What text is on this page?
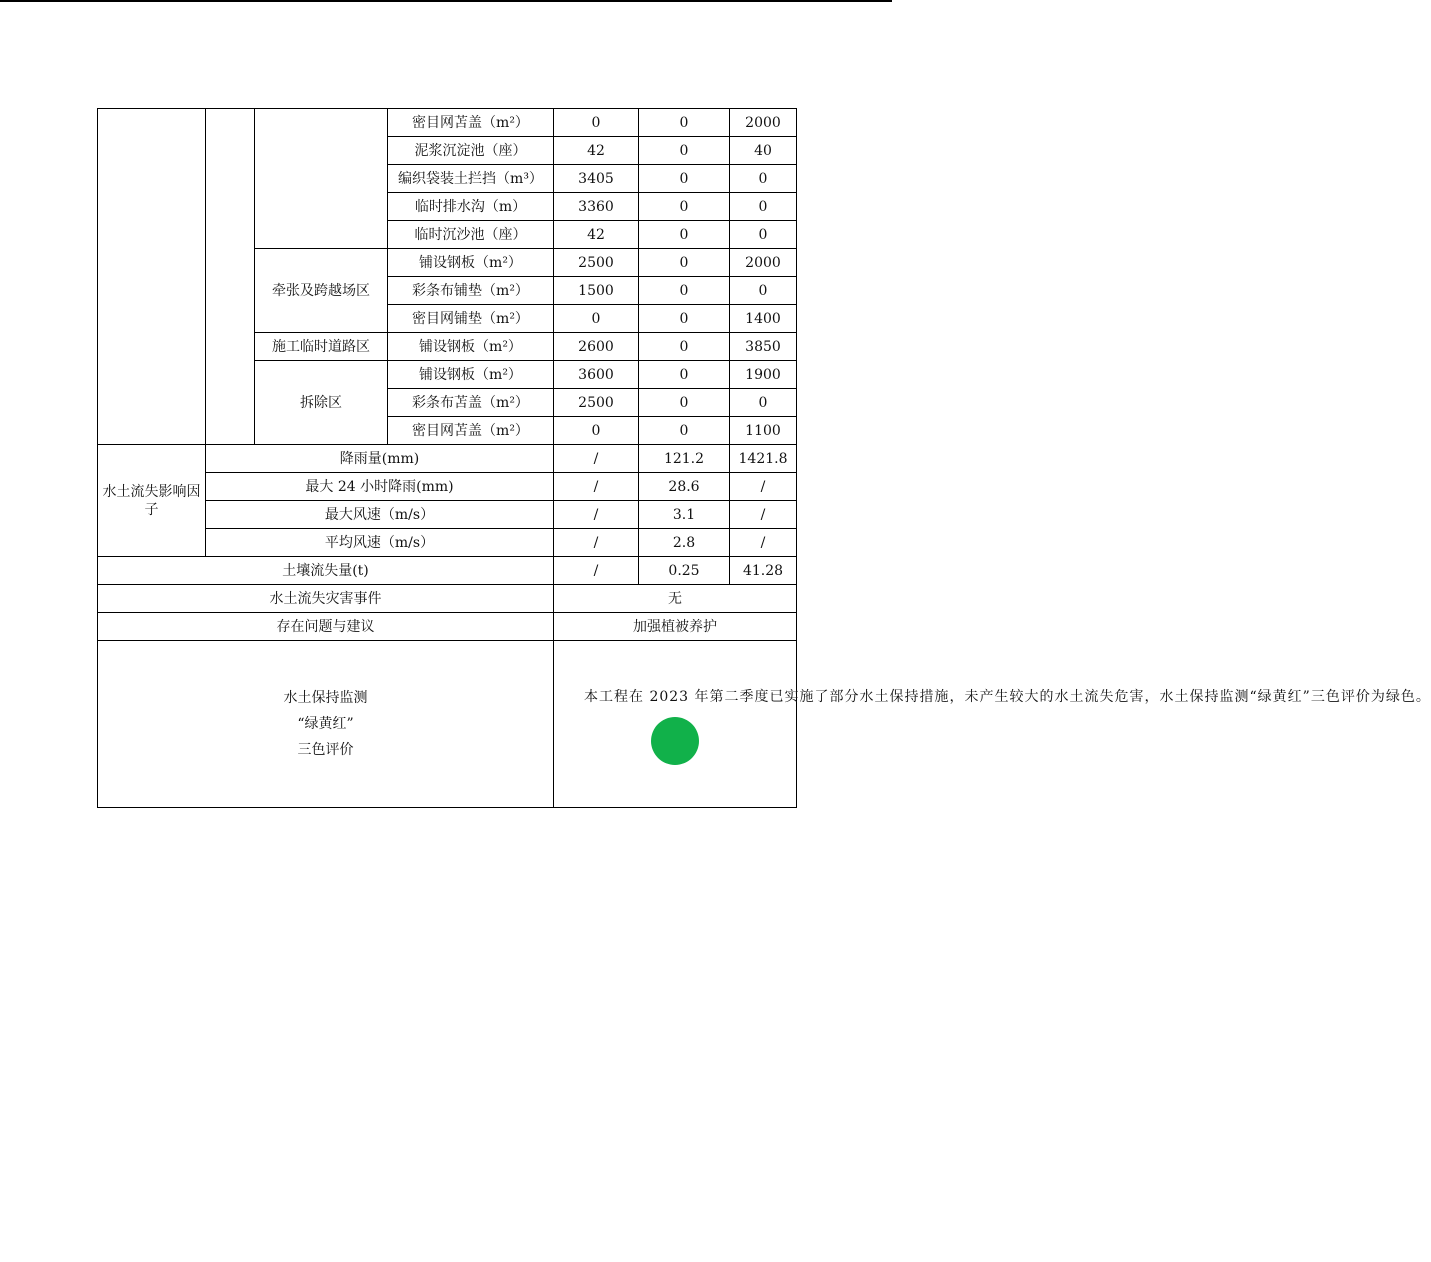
			密目网苫盖（m²）	0	0	2000
			泥浆沉淀池（座）	42	0	40
			编织袋装土拦挡（m³）	3405	0	0
			临时排水沟（m）	3360	0	0
			临时沉沙池（座）	42	0	0
		牵张及跨越场区	铺设钢板（m²）	2500	0	2000
			彩条布铺垫（m²）	1500	0	0
			密目网铺垫（m²）	0	0	1400
		施工临时道路区	铺设钢板（m²）	2600	0	3850
		拆除区	铺设钢板（m²）	3600	0	1900
			彩条布苫盖（m²）	2500	0	0
			密目网苫盖（m²）	0	0	1100
水土流失影响因子	降雨量(mm)			/	121.2	1421.8
	最大 24 小时降雨(mm)			/	28.6	/
	最大风速（m/s）			/	3.1	/
	平均风速（m/s）			/	2.8	/
土壤流失量(t)				/	0.25	41.28
水土流失灾害事件				无		
存在问题与建议				加强植被养护		

水土保持监测
“绿黄红”
三色评价				本工程在 2023 年第二季度已实施了部分水土保持措施，未产生较大的水土流失危害，水土保持监测“绿黄红”三色评价为绿色。		
